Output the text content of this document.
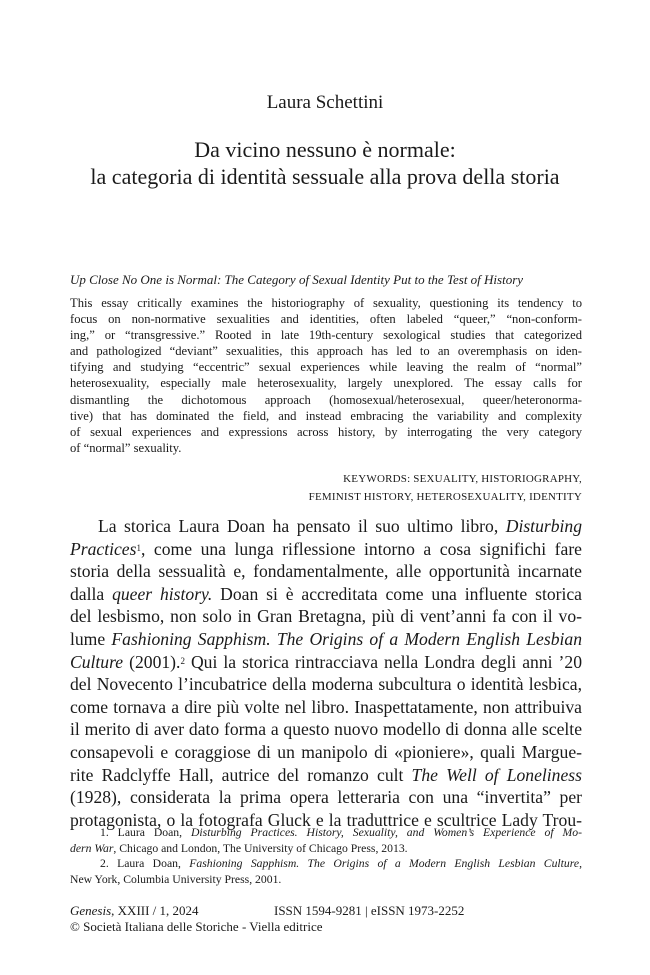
Laura Schettini
Da vicino nessuno è normale:
la categoria di identità sessuale alla prova della storia
Up Close No One is Normal: The Category of Sexual Identity Put to the Test of History
This essay critically examines the historiography of sexuality, questioning its tendency to
focus on non-normative sexualities and identities, often labeled “queer,” “non-conform-
ing,” or “transgressive.” Rooted in late 19th-century sexological studies that categorized
and pathologized “deviant” sexualities, this approach has led to an overemphasis on iden-
tifying and studying “eccentric” sexual experiences while leaving the realm of “normal”
heterosexuality, especially male heterosexuality, largely unexplored. The essay calls for
dismantling the dichotomous approach (homosexual/heterosexual, queer/heteronorma-
tive) that has dominated the field, and instead embracing the variability and complexity
of sexual experiences and expressions across history, by interrogating the very category
of “normal” sexuality.
KEYWORDS: SEXUALITY, HISTORIOGRAPHY,
FEMINIST HISTORY, HETEROSEXUALITY, IDENTITY
La storica Laura Doan ha pensato il suo ultimo libro, Disturbing
Practices$^1$, come una lunga riflessione intorno a cosa significhi fare
storia della sessualità e, fondamentalmente, alle opportunità incarnate
dalla queer history. Doan si è accreditata come una influente storica
del lesbismo, non solo in Gran Bretagna, più di vent’anni fa con il vo-
lume Fashioning Sapphism. The Origins of a Modern English Lesbian
Culture (2001).$^2$ Qui la storica rintracciava nella Londra degli anni ’20
del Novecento l’incubatrice della moderna subcultura o identità lesbica,
come tornava a dire più volte nel libro. Inaspettatamente, non attribuiva
il merito di aver dato forma a questo nuovo modello di donna alle scelte
consapevoli e coraggiose di un manipolo di «pioniere», quali Margue-
rite Radclyffe Hall, autrice del romanzo cult The Well of Loneliness
(1928), considerata la prima opera letteraria con una “invertita” per
protagonista, o la fotografa Gluck e la traduttrice e scultrice Lady Trou-
1. Laura Doan, Disturbing Practices. History, Sexuality, and Women’s Experience of Mo-
dern War, Chicago and London, The University of Chicago Press, 2013.
2. Laura Doan, Fashioning Sapphism. The Origins of a Modern English Lesbian Culture,
New York, Columbia University Press, 2001.
Genesis, XXIII / 1, 2024	ISSN 1594-9281 | eISSN 1973-2252
© Società Italiana delle Storiche - Viella editrice
